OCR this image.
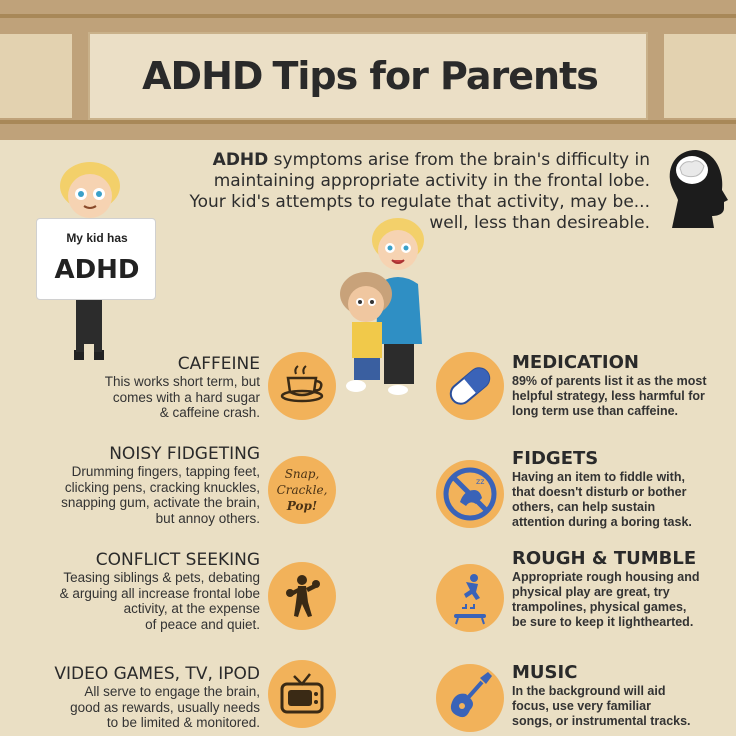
ADHD Tips for Parents
ADHD symptoms arise from the brain's difficulty in
maintaining appropriate activity in the frontal lobe.
Your kid's attempts to regulate that activity, may be...
well, less than desireable.
My kid has
ADHD
CAFFEINE
This works short term, but
comes with a hard sugar
& caffeine crash.
NOISY FIDGETING
Drumming fingers, tapping feet,
clicking pens, cracking knuckles,
snapping gum, activate the brain,
but annoy others.
CONFLICT SEEKING
Teasing siblings & pets, debating
& arguing all increase frontal lobe
activity, at the expense
of peace and quiet.
VIDEO GAMES, TV, IPOD
All serve to engage the brain,
good as rewards, usually needs
to be limited & monitored.
Snap,
Crackle,
Pop!
zz
MEDICATION
89% of parents list it as the most
helpful strategy, less harmful for
long term use than caffeine.
FIDGETS
Having an item to fiddle with,
that doesn't disturb or bother
others, can help sustain
attention during a boring task.
ROUGH & TUMBLE
Appropriate rough housing and
physical play are great, try
trampolines, physical games,
be sure to keep it lighthearted.
MUSIC
In the background will aid
focus, use very familiar
songs, or instrumental tracks.
